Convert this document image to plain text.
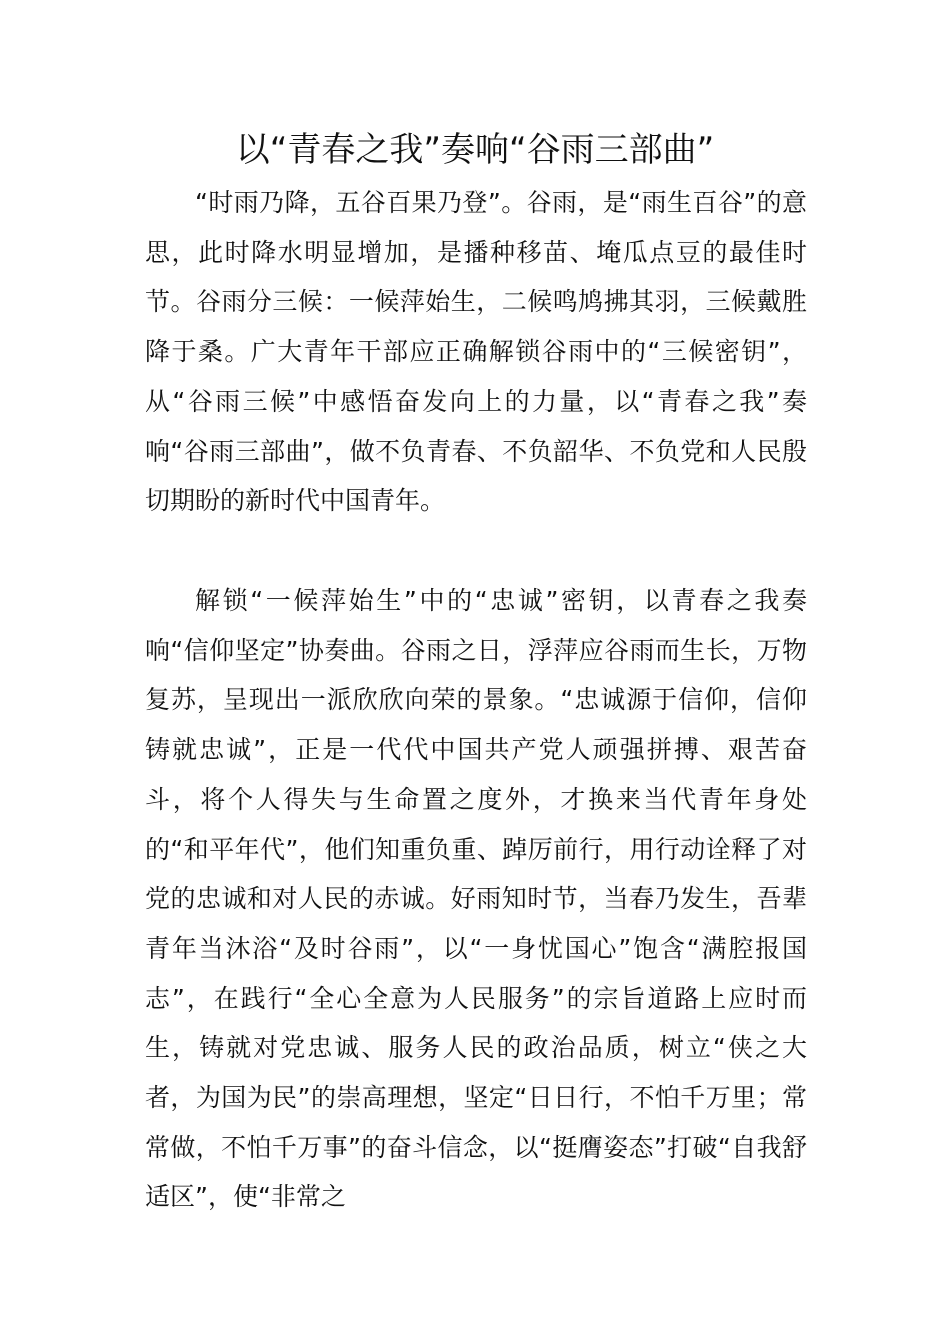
以“青春之我”奏响“谷雨三部曲”

“时雨乃降，五谷百果乃登”。谷雨，是“雨生百谷”的意思，此时降水明显增加，是播种移苗、埯瓜点豆的最佳时节。谷雨分三候：一候萍始生，二候鸣鸠拂其羽，三候戴胜降于桑。广大青年干部应正确解锁谷雨中的“三候密钥”，从“谷雨三候”中感悟奋发向上的力量，以“青春之我”奏响“谷雨三部曲”，做不负青春、不负韶华、不负党和人民殷切期盼的新时代中国青年。

解锁“一候萍始生”中的“忠诚”密钥，以青春之我奏响“信仰坚定”协奏曲。谷雨之日，浮萍应谷雨而生长，万物复苏，呈现出一派欣欣向荣的景象。“忠诚源于信仰，信仰铸就忠诚”，正是一代代中国共产党人顽强拼搏、艰苦奋斗，将个人得失与生命置之度外，才换来当代青年身处的“和平年代”，他们知重负重、踔厉前行，用行动诠释了对党的忠诚和对人民的赤诚。好雨知时节，当春乃发生，吾辈青年当沐浴“及时谷雨”，以“一身忧国心”饱含“满腔报国志”，在践行“全心全意为人民服务”的宗旨道路上应时而生，铸就对党忠诚、服务人民的政治品质，树立“侠之大者，为国为民”的崇高理想，坚定“日日行，不怕千万里；常常做，不怕千万事”的奋斗信念，以“挺膺姿态”打破“自我舒适区”，使“非常之
